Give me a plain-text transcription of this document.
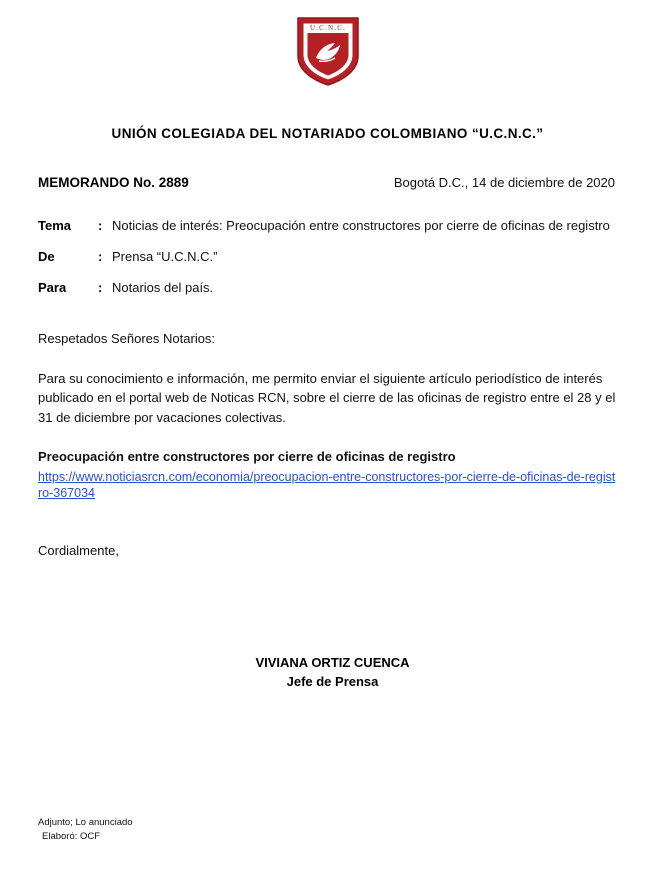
U.C.N.C.
UNIÓN COLEGIADA DEL NOTARIADO COLOMBIANO “U.C.N.C.”
MEMORANDO No. 2889	Bogotá D.C., 14 de diciembre de 2020
Tema	: Noticias de interés: Preocupación entre constructores por cierre de oficinas de registro
De	: Prensa “U.C.N.C.”
Para	: Notarios del país.
Respetados Señores Notarios:
Para su conocimiento e información, me permito enviar el siguiente artículo periodístico de interés publicado en el portal web de Noticas RCN, sobre el cierre de las oficinas de registro entre el 28 y el 31 de diciembre por vacaciones colectivas.
Preocupación entre constructores por cierre de oficinas de registro
https://www.noticiasrcn.com/economia/preocupacion-entre-constructores-por-cierre-de-oficinas-de-registro-367034
Cordialmente,
VIVIANA ORTIZ CUENCA
Jefe de Prensa
Adjunto; Lo anunciado
Elaboró: OCF
